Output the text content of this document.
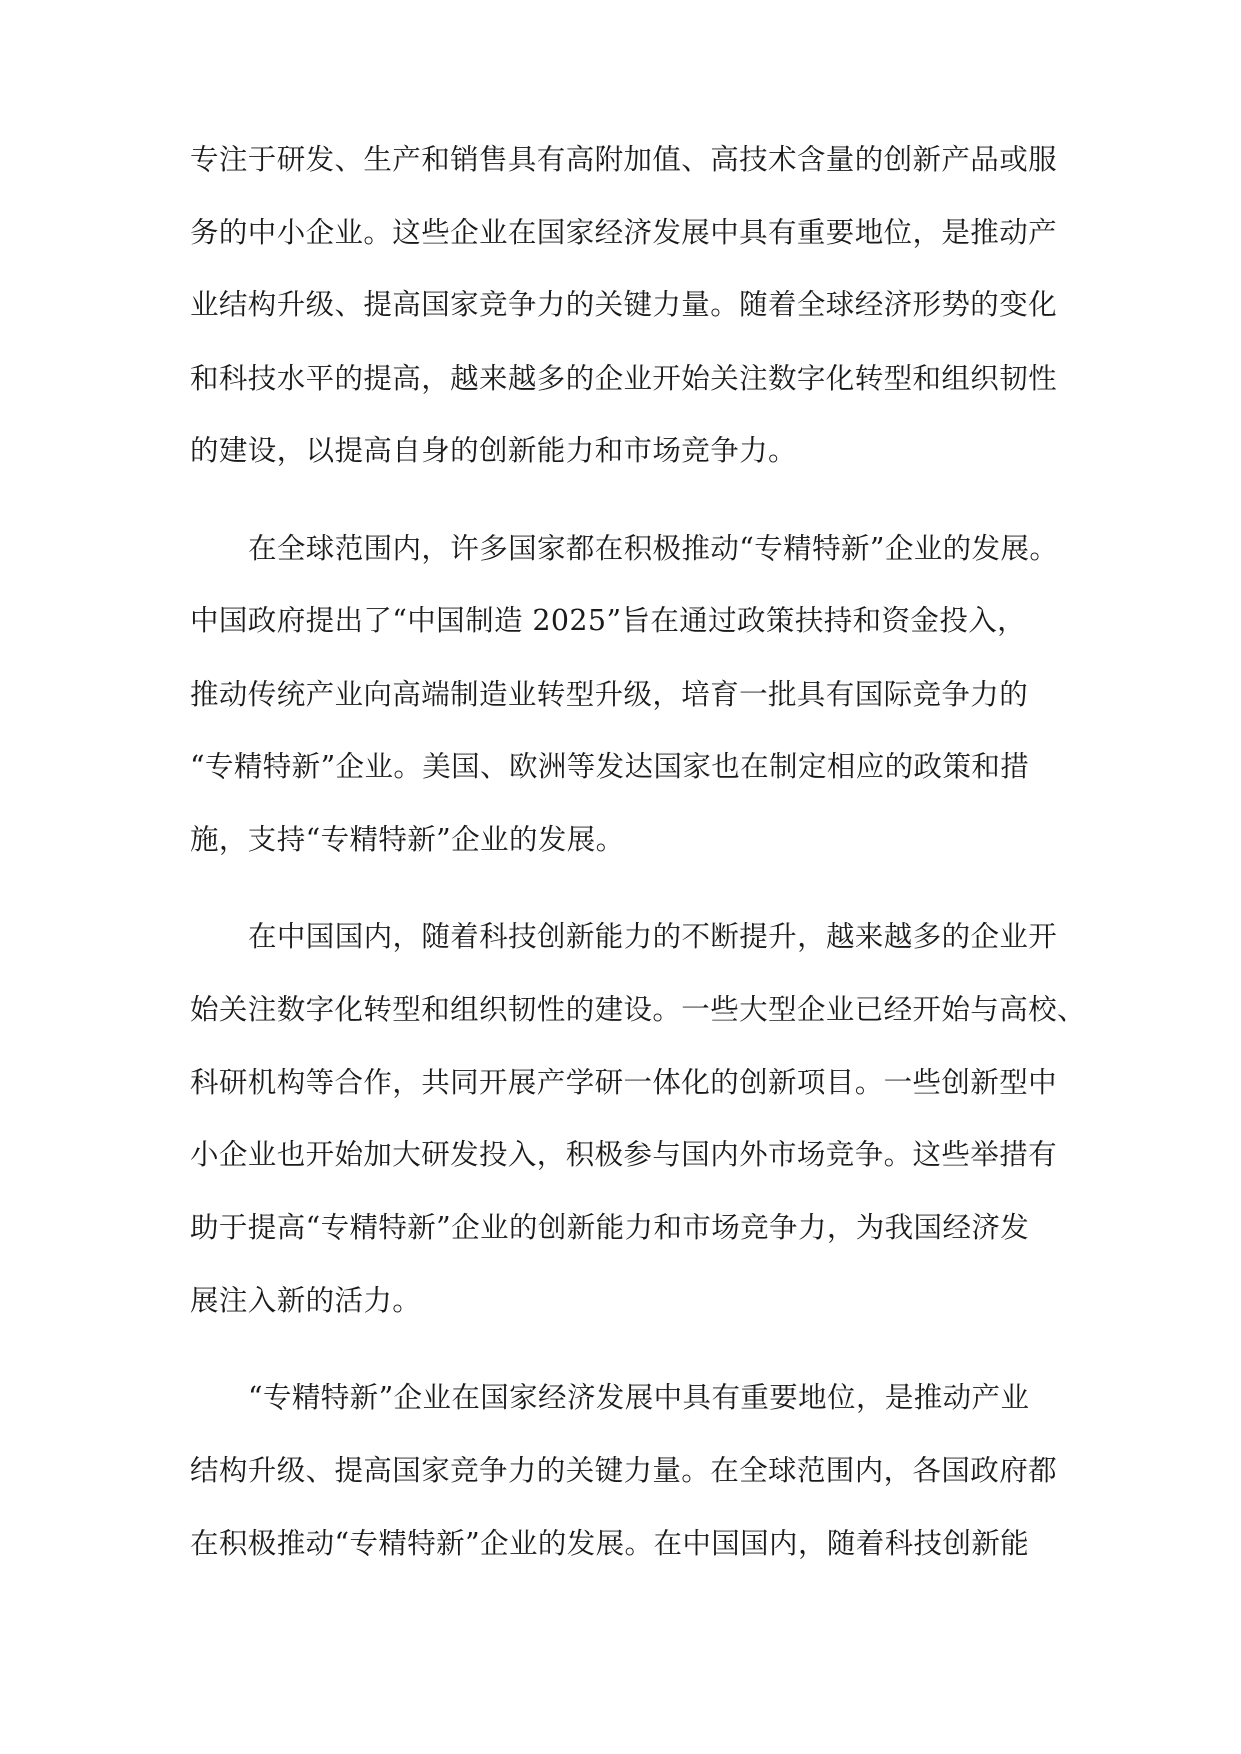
专注于研发、生产和销售具有高附加值、高技术含量的创新产品或服
务的中小企业。这些企业在国家经济发展中具有重要地位，是推动产
业结构升级、提高国家竞争力的关键力量。随着全球经济形势的变化
和科技水平的提高，越来越多的企业开始关注数字化转型和组织韧性
的建设，以提高自身的创新能力和市场竞争力。
在全球范围内，许多国家都在积极推动“专精特新”企业的发展。
中国政府提出了“中国制造 2025”旨在通过政策扶持和资金投入，
推动传统产业向高端制造业转型升级，培育一批具有国际竞争力的
“专精特新”企业。美国、欧洲等发达国家也在制定相应的政策和措
施，支持“专精特新”企业的发展。
在中国国内，随着科技创新能力的不断提升，越来越多的企业开
始关注数字化转型和组织韧性的建设。一些大型企业已经开始与高校、
科研机构等合作，共同开展产学研一体化的创新项目。一些创新型中
小企业也开始加大研发投入，积极参与国内外市场竞争。这些举措有
助于提高“专精特新”企业的创新能力和市场竞争力，为我国经济发
展注入新的活力。
“专精特新”企业在国家经济发展中具有重要地位，是推动产业
结构升级、提高国家竞争力的关键力量。在全球范围内，各国政府都
在积极推动“专精特新”企业的发展。在中国国内，随着科技创新能
